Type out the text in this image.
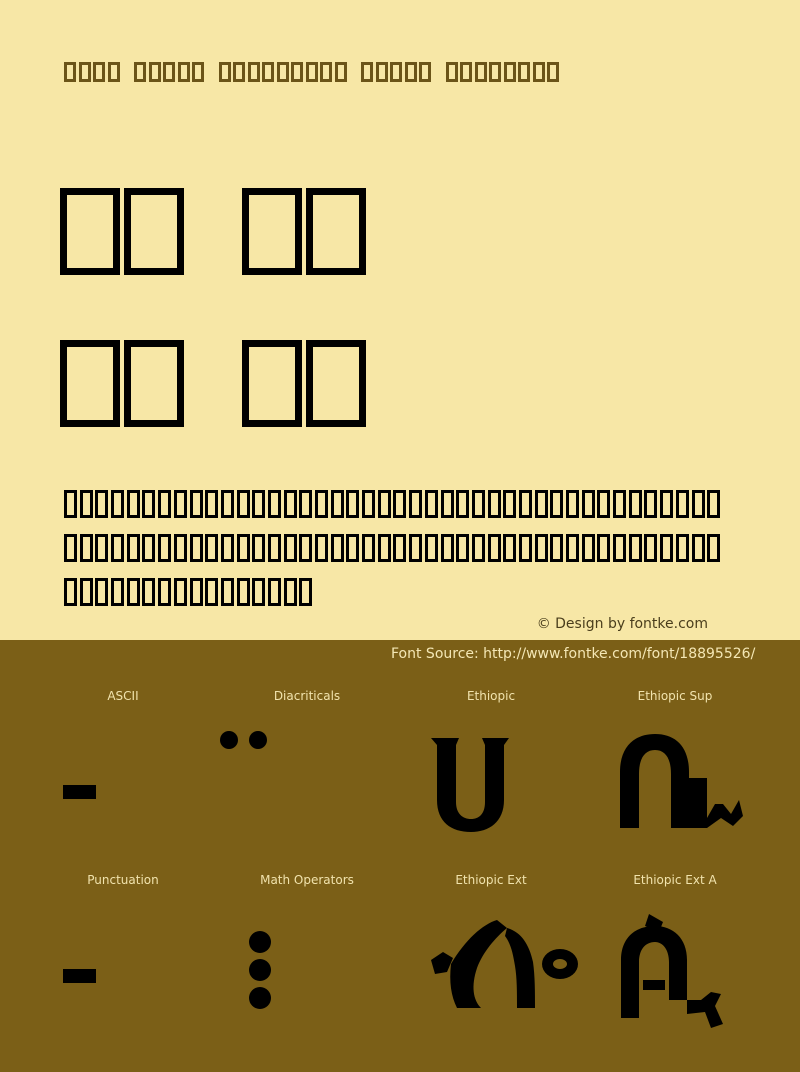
© Design by fontke.com
Font Source: http://www.fontke.com/font/18895526/
ASCII	Diacriticals	Ethiopic	Ethiopic Sup
Punctuation	Math Operators	Ethiopic Ext	Ethiopic Ext A
